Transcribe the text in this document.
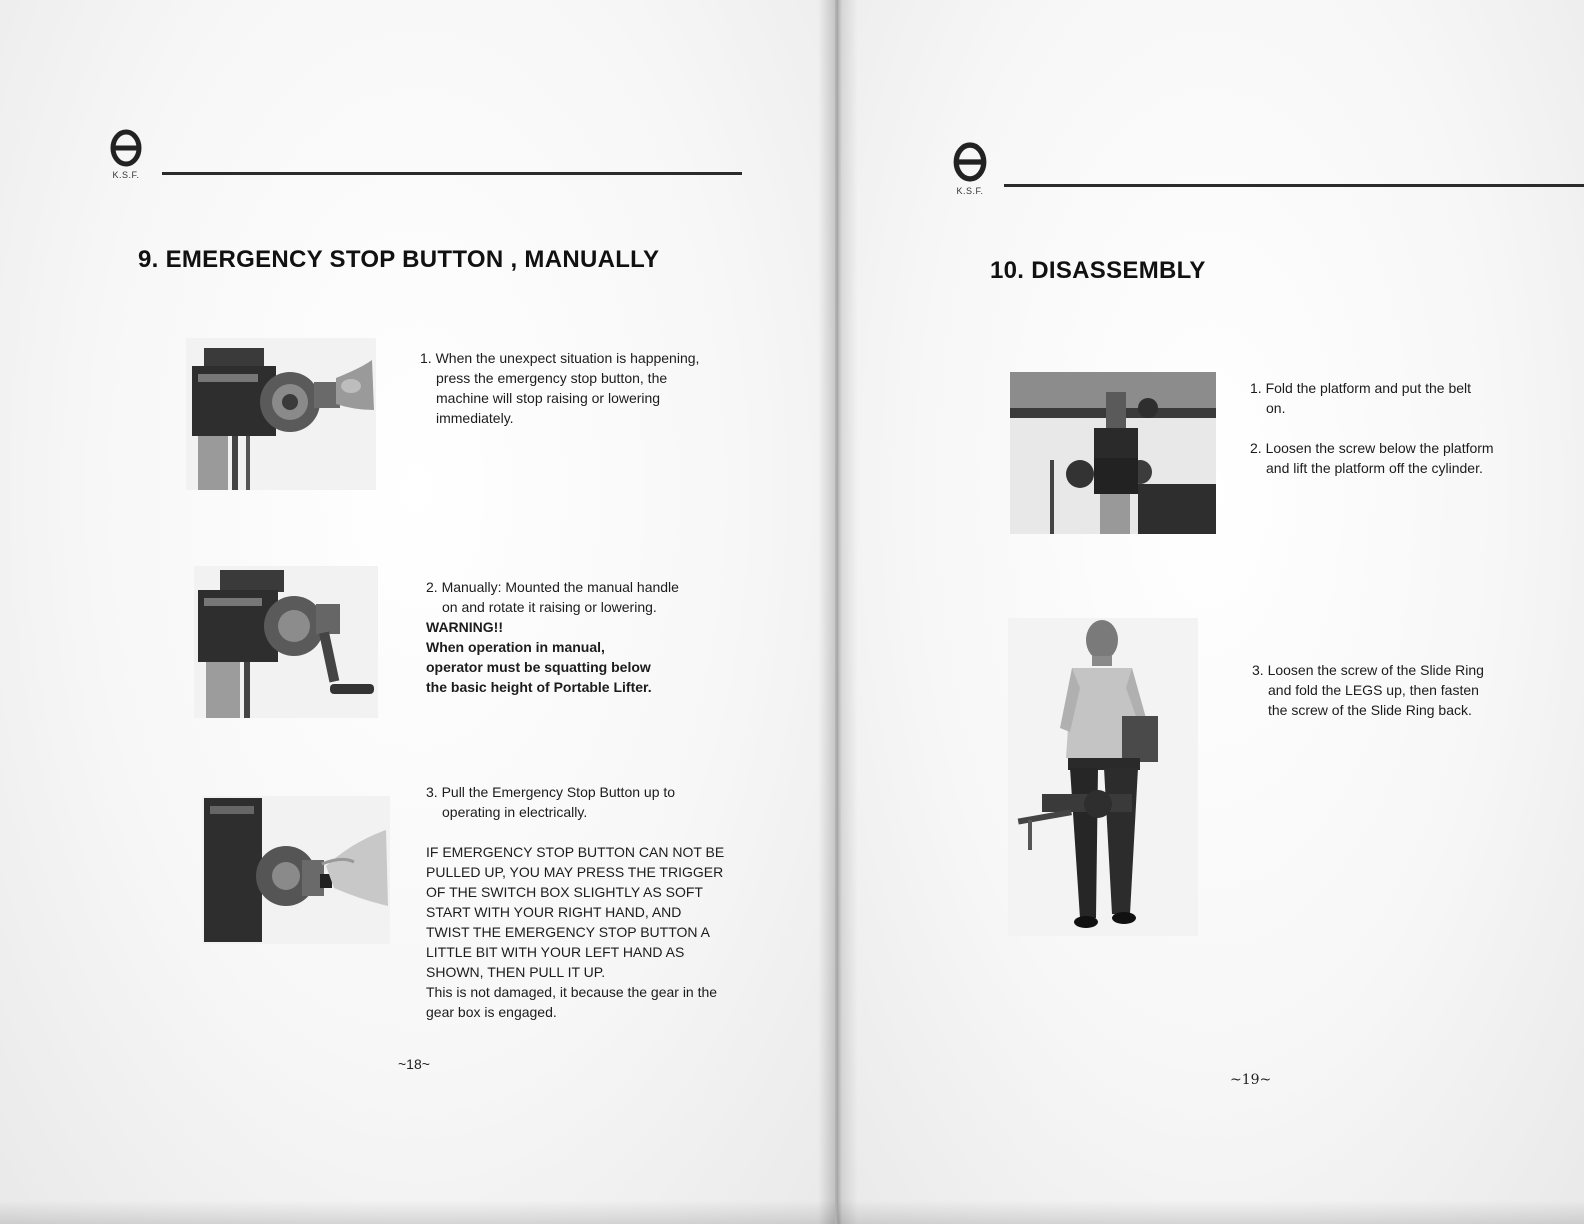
K.S.F.
9. EMERGENCY STOP BUTTON , MANUALLY
1. When the unexpect situation is happening,
press the emergency stop button, the
machine will stop raising or lowering
immediately.
2. Manually: Mounted the manual handle
on and rotate it raising or lowering.
WARNING!!
When operation in manual,
operator must be squatting below
the basic height of Portable Lifter.
3. Pull the Emergency Stop Button up to
operating in electrically.
IF EMERGENCY STOP BUTTON CAN NOT BE
PULLED UP, YOU MAY PRESS THE TRIGGER
OF THE SWITCH BOX SLIGHTLY AS SOFT
START WITH YOUR RIGHT HAND, AND
TWIST THE EMERGENCY STOP BUTTON A
LITTLE BIT WITH YOUR LEFT HAND AS
SHOWN, THEN PULL IT UP.
This is not damaged, it because the gear in the
gear box is engaged.
~18~
K.S.F.
10. DISASSEMBLY
1. Fold the platform and put the belt
on.
2. Loosen the screw below the platform
and lift the platform off the cylinder.
3. Loosen the screw of the Slide Ring
and fold the LEGS up, then fasten
the screw of the Slide Ring back.
~19~
